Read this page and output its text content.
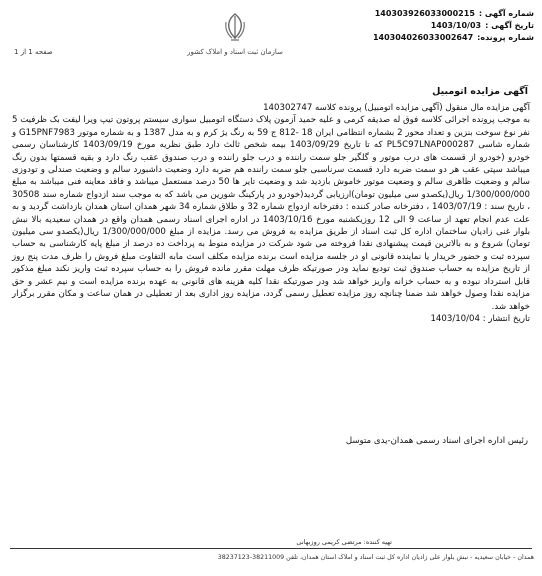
140303926033000215 شماره آگهی :
1403/10/03 تاریخ آگهی :
140304026033002647 شماره پرونده:
سازمان ثبت اسناد و املاک کشور
صفحه 1 از 1
آگهی مزایده اتومبیل

آگهی مزایده مال منقول (آگهی مزایده اتومبیل) پرونده کلاسه 140302747

به موجب پرونده اجرائی کلاسه فوق له صدیقه کرمی و علیه حمید آزمون پلاک دستگاه اتومبیل سواری سیستم پروتون تیپ ویرا لیفت بک ظرفیت 5 نفر نوع سوخت بنزین و تعداد محور 2 بشماره انتظامی ایران 18 -812 ج 59 به رنگ یژ کرم و به مدل 1387 و به شماره موتور G15PNF7983 و شماره شاسی PL5C97LNAP000287 كه تا تاریخ 1403/09/29 بیمه شخص ثالث دارد طبق نظریه مورخ 1403/09/19 كارشناسان رسمی خودرو (خودرو از قسمت های درب موتور و گلگیر جلو سمت راننده و درب جلو راننده و درب صندوق عقب رنگ دارد و بقیه قسمتها بدون رنگ میباشد سپتی عقب هر دو سمت ضربه دارد قسمت سرناسبی جلو سمت راننده هم ضربه دارد وضعیت داشبورد سالم و وضعیت صندلی و تودوزی سالم و وضعیت ظاهری سالم و وضعیت موتور خاموش بازدید شد و وضعیت تایر ها 50 درصد مستعمل میباشد و فاقد معاینه فنی میباشد به مبلغ 1/300/000/000 ریال(یکصدو سی میلیون تومان)ارزیابی گردید(خودرو در پارکینگ شورین می باشد که به موجب سند ازدواج شماره سند 30508 ، تاریخ سند : 1403/07/19 ، دفترخانه صادر کننده : دفترخانه ازدواج شماره 32 و طلاق شماره 34 شهر همدان استان همدان بازداشت گردید و به علت عدم انجام تعهد از ساعت 9 الی 12 روزیکشنبه مورخ 1403/10/16 در اداره اجرای اسناد رسمی همدان واقع در همدان سعیدیه بالا نبش بلوار غنی زادیان ساختمان اداره کل ثبت اسناد از طریق مزایده به فروش می رسد. مزایده از مبلغ 1/300/000/000 ریال(یکصدو سی میلیون تومان) شروع و به بالاترین قیمت پیشنهادی نقدا فروخته می شود شرکت در مزایده منوط به پرداخت ده درصد از مبلغ پایه کارشناسی به حساب سپرده ثبت و حضور خریدار یا نماینده قانونی او در جلسه مزایده است برنده مزایده مکلف است مابه التفاوت مبلغ فروش را ظرف مدت پنج روز از تاریخ مزایده به حساب صندوق ثبت توديع نمايد ودر صورتيكه ظرف مهلت مقرر مانده فروش را به حساب سپرده ثبت واريز نكند مبلغ مذكور قابل استرداد نبوده و به حساب خزانه واريز خواهد شد ودر صورتيكه نقدا كليه هزينه هاى قانونى به عهده برنده مزايده است و نيم عشر و حق مزايده نقدا وصول خواهد شد ضمنا چنانچه روز مزايده تعطيل رسمى گردد، مزايده روز ادارى بعد از تعطيلى در همان ساعت و مكان مقرر برگزار خواهد شد.

تاریخ انتشار : 1403/10/04

رئیس اداره اجرای اسناد رسمی همدان-یدی متوسل
تهیه کننده: مرتضی کریمی روزبهانی
همدان - خیابان سعیدیه - نبش بلوار علی زادیان اداره کل ثبت اسناد و املاک استان همدان، تلفن 38211009-38237123
